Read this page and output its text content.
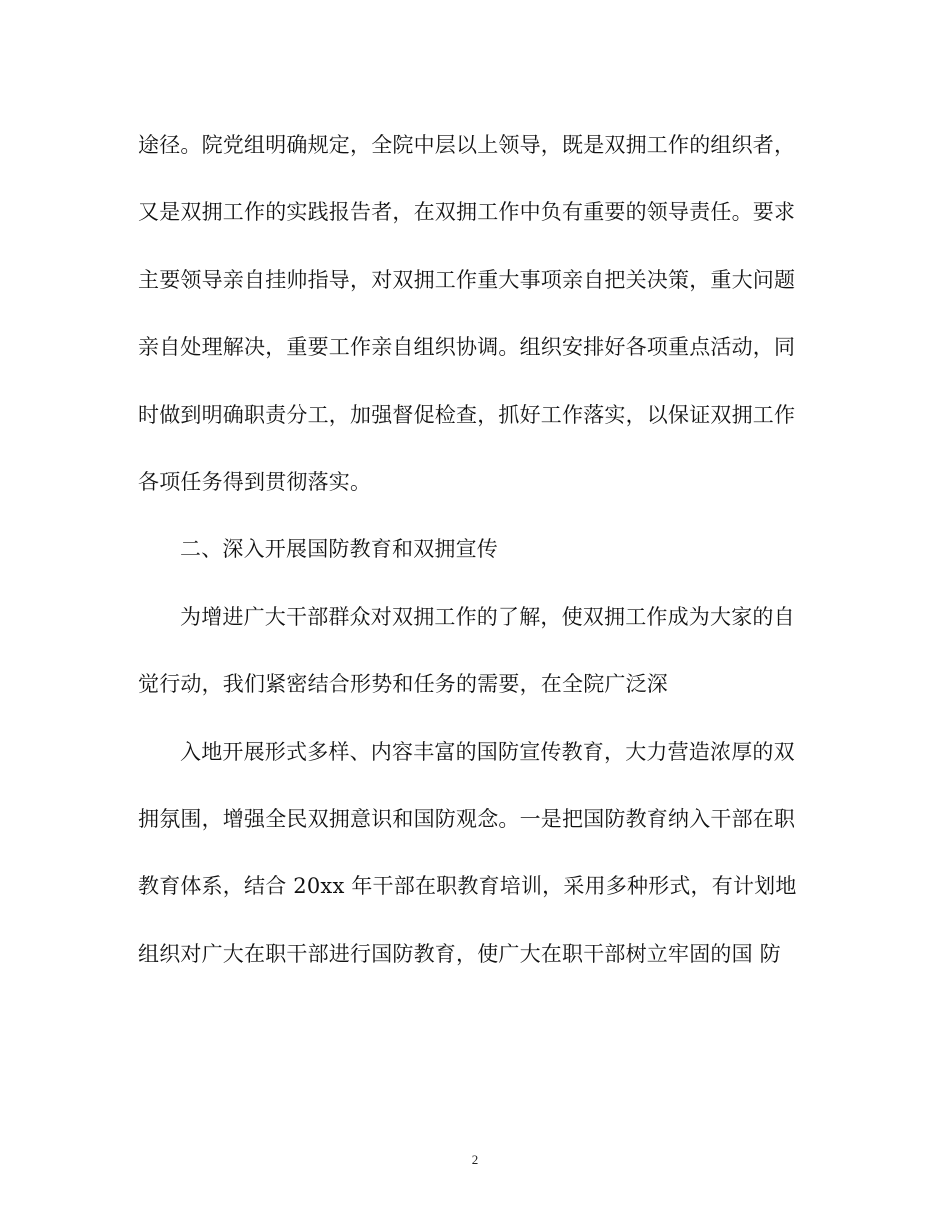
途径。院党组明确规定，全院中层以上领导，既是双拥工作的组织者，

又是双拥工作的实践报告者，在双拥工作中负有重要的领导责任。要求

主要领导亲自挂帅指导，对双拥工作重大事项亲自把关决策，重大问题

亲自处理解决，重要工作亲自组织协调。组织安排好各项重点活动，同

时做到明确职责分工，加强督促检查，抓好工作落实，以保证双拥工作

各项任务得到贯彻落实。

二、深入开展国防教育和双拥宣传

为增进广大干部群众对双拥工作的了解，使双拥工作成为大家的自

觉行动，我们紧密结合形势和任务的需要，在全院广泛深

入地开展形式多样、内容丰富的国防宣传教育，大力营造浓厚的双

拥氛围，增强全民双拥意识和国防观念。一是把国防教育纳入干部在职

教育体系，结合 20xx 年干部在职教育培训，采用多种形式，有计划地

组织对广大在职干部进行国防教育，使广大在职干部树立牢固的国 防

2
